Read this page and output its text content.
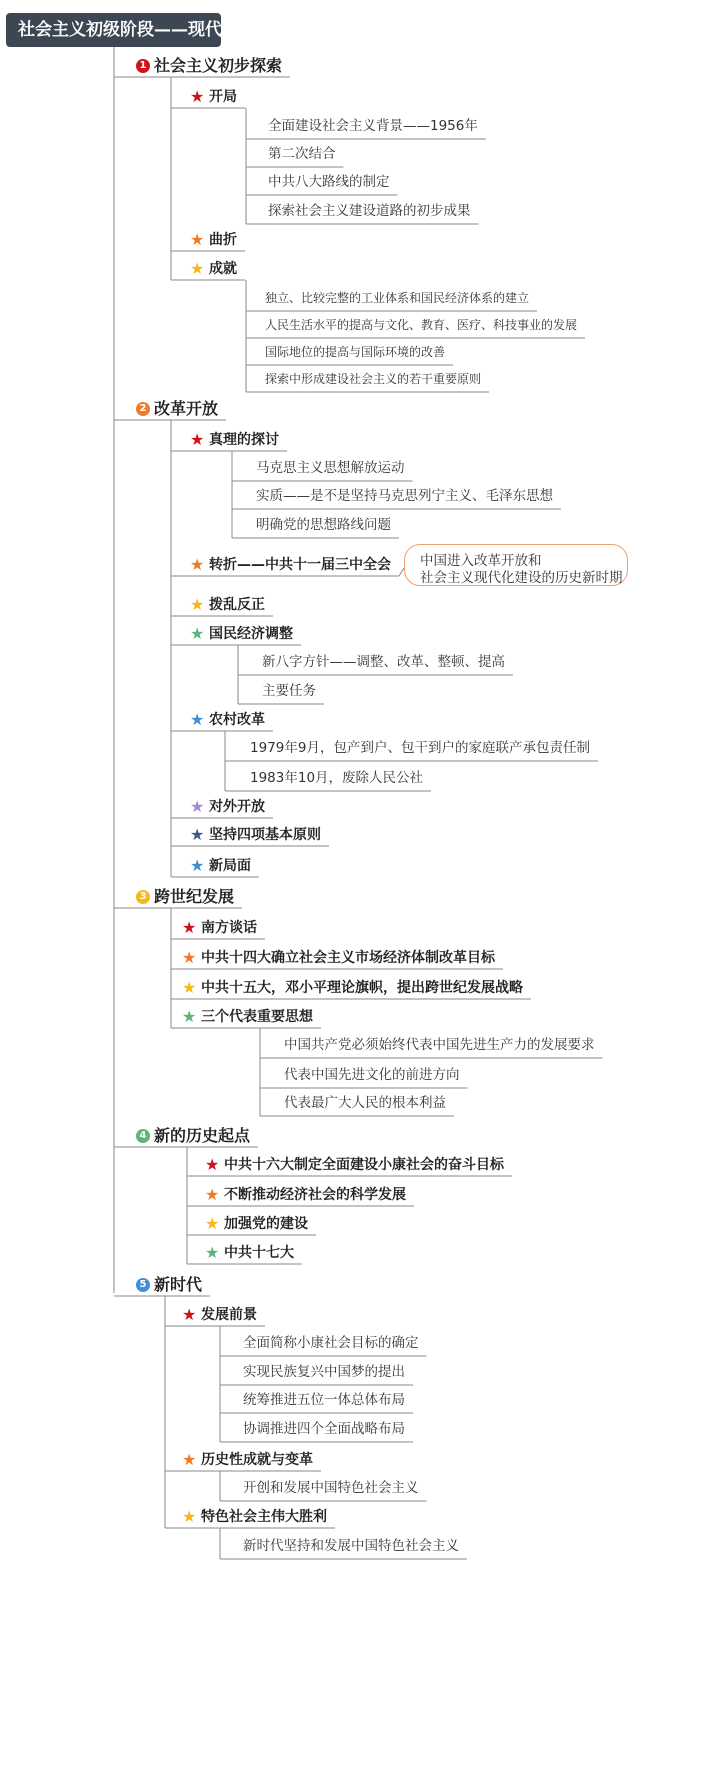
社会主义初级阶段——现代
1 社会主义初步探索
★ 开局
全面建设社会主义背景——1956年
第二次结合
中共八大路线的制定
探索社会主义建设道路的初步成果
★ 曲折
★ 成就
独立、比较完整的工业体系和国民经济体系的建立
人民生活水平的提高与文化、教育、医疗、科技事业的发展
国际地位的提高与国际环境的改善
探索中形成建设社会主义的若干重要原则
2 改革开放
★ 真理的探讨
马克思主义思想解放运动
实质——是不是坚持马克思列宁主义、毛泽东思想
明确党的思想路线问题
★ 转折——中共十一届三中全会 中国进入改革开放和
社会主义现代化建设的历史新时期
★ 拨乱反正
★ 国民经济调整
新八字方针——调整、改革、整顿、提高
主要任务
★ 农村改革
1979年9月，包产到户、包干到户的家庭联产承包责任制
1983年10月，废除人民公社
★ 对外开放
★ 坚持四项基本原则
★ 新局面
3 跨世纪发展
★ 南方谈话
★ 中共十四大确立社会主义市场经济体制改革目标
★ 中共十五大，邓小平理论旗帜，提出跨世纪发展战略
★ 三个代表重要思想
中国共产党必须始终代表中国先进生产力的发展要求
代表中国先进文化的前进方向
代表最广大人民的根本利益
4 新的历史起点
★ 中共十六大制定全面建设小康社会的奋斗目标
★ 不断推动经济社会的科学发展
★ 加强党的建设
★ 中共十七大
5 新时代
★ 发展前景
全面简称小康社会目标的确定
实现民族复兴中国梦的提出
统筹推进五位一体总体布局
协调推进四个全面战略布局
★ 历史性成就与变革
开创和发展中国特色社会主义
★ 特色社会主伟大胜利
新时代坚持和发展中国特色社会主义
